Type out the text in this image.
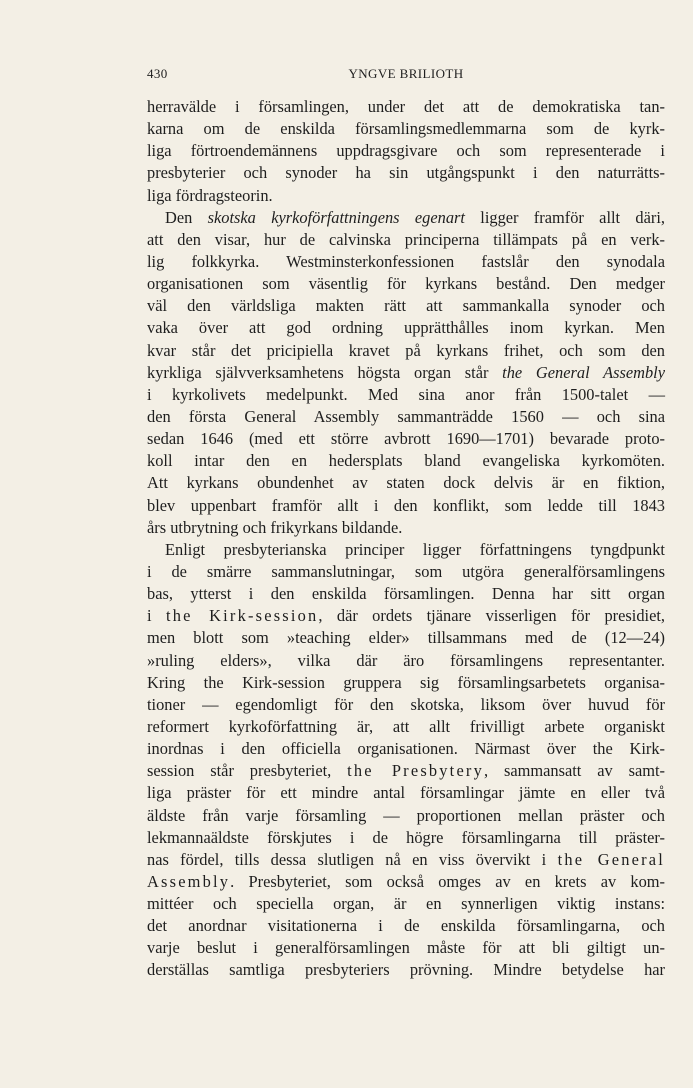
430	YNGVE BRILIOTH
herravälde i församlingen, under det att de demokratiska tan-
karna om de enskilda församlingsmedlemmarna som de kyrk-
liga förtroendemännens uppdragsgivare och som representerade i
presbyterier och synoder ha sin utgångspunkt i den naturrätts-
liga fördragsteorin.
Den skotska kyrkoförfattningens egenart ligger framför allt däri,
att den visar, hur de calvinska principerna tillämpats på en verk-
lig folkkyrka. Westminsterkonfessionen fastslår den synodala
organisationen som väsentlig för kyrkans bestånd. Den medger
väl den världsliga makten rätt att sammankalla synoder och
vaka över att god ordning upprätthålles inom kyrkan. Men
kvar står det pricipiella kravet på kyrkans frihet, och som den
kyrkliga självverksamhetens högsta organ står the General Assembly
i kyrkolivets medelpunkt. Med sina anor från 1500-talet —
den första General Assembly sammanträdde 1560 — och sina
sedan 1646 (med ett större avbrott 1690—1701) bevarade proto-
koll intar den en hedersplats bland evangeliska kyrkomöten.
Att kyrkans obundenhet av staten dock delvis är en fiktion,
blev uppenbart framför allt i den konflikt, som ledde till 1843
års utbrytning och frikyrkans bildande.
Enligt presbyterianska principer ligger författningens tyngdpunkt
i de smärre sammanslutningar, som utgöra generalförsamlingens
bas, ytterst i den enskilda församlingen. Denna har sitt organ
i the Kirk-session, där ordets tjänare visserligen för presidiet,
men blott som »teaching elder» tillsammans med de (12—24)
»ruling elders», vilka där äro församlingens representanter.
Kring the Kirk-session gruppera sig församlingsarbetets organisa-
tioner — egendomligt för den skotska, liksom över huvud för
reformert kyrkoförfattning är, att allt frivilligt arbete organiskt
inordnas i den officiella organisationen. Närmast över the Kirk-
session står presbyteriet, the Presbytery, sammansatt av samt-
liga präster för ett mindre antal församlingar jämte en eller två
äldste från varje församling — proportionen mellan präster och
lekmannaäldste förskjutes i de högre församlingarna till präster-
nas fördel, tills dessa slutligen nå en viss övervikt i the General
Assembly. Presbyteriet, som också omges av en krets av kom-
mittéer och speciella organ, är en synnerligen viktig instans:
det anordnar visitationerna i de enskilda församlingarna, och
varje beslut i generalförsamlingen måste för att bli giltigt un-
derställas samtliga presbyteriers prövning. Mindre betydelse har
